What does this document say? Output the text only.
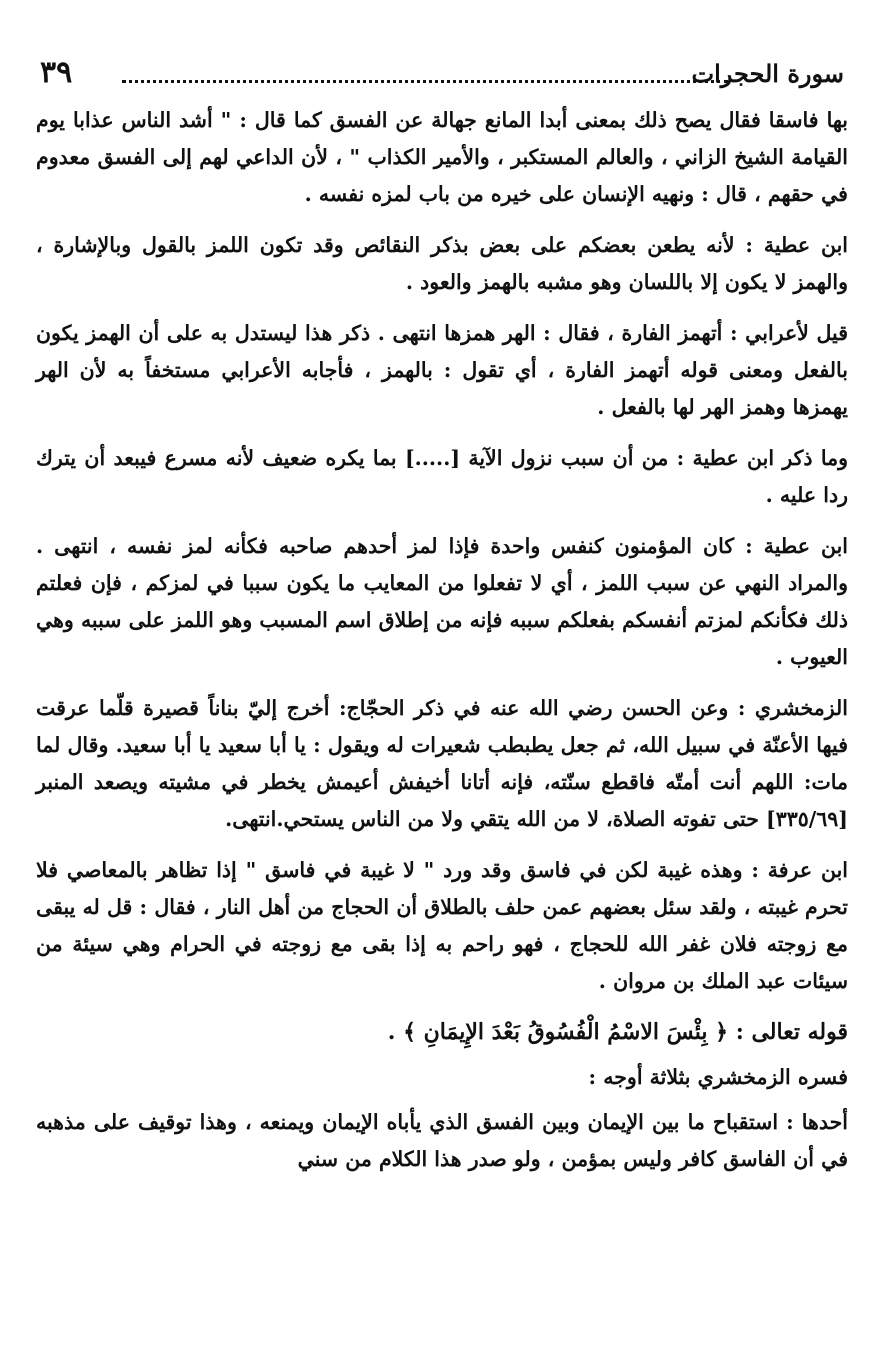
سورة الحجرات
٣٩

بها فاسقا فقال يصح ذلك بمعنى أبدا المانع جهالة عن الفسق كما قال : " أشد الناس عذابا يوم القيامة الشيخ الزاني ، والعالم المستكبر ، والأمير الكذاب " ، لأن الداعي لهم إلى الفسق معدوم في حقهم ، قال : ونهيه الإنسان على خيره من باب لمزه نفسه .

ابن عطية : لأنه يطعن بعضكم على بعض بذكر النقائص وقد تكون اللمز بالقول وبالإشارة ، والهمز لا يكون إلا باللسان وهو مشبه بالهمز والعود .

قيل لأعرابي : أتهمز الفارة ، فقال : الهر همزها انتهى . ذكر هذا ليستدل به على أن الهمز يكون بالفعل ومعنى قوله أتهمز الفارة ، أي تقول : بالهمز ، فأجابه الأعرابي مستخفاً به لأن الهر يهمزها وهمز الهر لها بالفعل .

وما ذكر ابن عطية : من أن سبب نزول الآية [.....] بما يكره ضعيف لأنه مسرع فيبعد أن يترك ردا عليه .

ابن عطية : كان المؤمنون كنفس واحدة فإذا لمز أحدهم صاحبه فكأنه لمز نفسه ، انتهى . والمراد النهي عن سبب اللمز ، أي لا تفعلوا من المعايب ما يكون سببا في لمزكم ، فإن فعلتم ذلك فكأنكم لمزتم أنفسكم بفعلكم سببه فإنه من إطلاق اسم المسبب وهو اللمز على سببه وهي العيوب .

الزمخشري : وعن الحسن رضي الله عنه في ذكر الحجّاج: أخرج إليّ بناناً قصيرة قلّما عرقت فيها الأعنّة في سبيل الله، ثم جعل يطبطب شعيرات له ويقول : يا أبا سعيد يا أبا سعيد. وقال لما مات: اللهم أنت أمتّه فاقطع سنّته، فإنه أتانا أخيفش أعيمش يخطر في مشيته ويصعد المنبر [٣٣٥/٦٩] حتى تفوته الصلاة، لا من الله يتقي ولا من الناس يستحي.انتهى.

ابن عرفة : وهذه غيبة لكن في فاسق وقد ورد " لا غيبة في فاسق " إذا تظاهر بالمعاصي فلا تحرم غيبته ، ولقد سئل بعضهم عمن حلف بالطلاق أن الحجاج من أهل النار ، فقال : قل له يبقى مع زوجته فلان غفر الله للحجاج ، فهو راحم به إذا بقى مع زوجته في الحرام وهي سيئة من سيئات عبد الملك بن مروان .

قوله تعالى : ﴿ بِئْسَ الاسْمُ الْفُسُوقُ بَعْدَ الإِيمَانِ ﴾ .

فسره الزمخشري بثلاثة أوجه :

أحدها : استقباح ما بين الإيمان وبين الفسق الذي يأباه الإيمان ويمنعه ، وهذا توقيف على مذهبه في أن الفاسق كافر وليس بمؤمن ، ولو صدر هذا الكلام من سني
